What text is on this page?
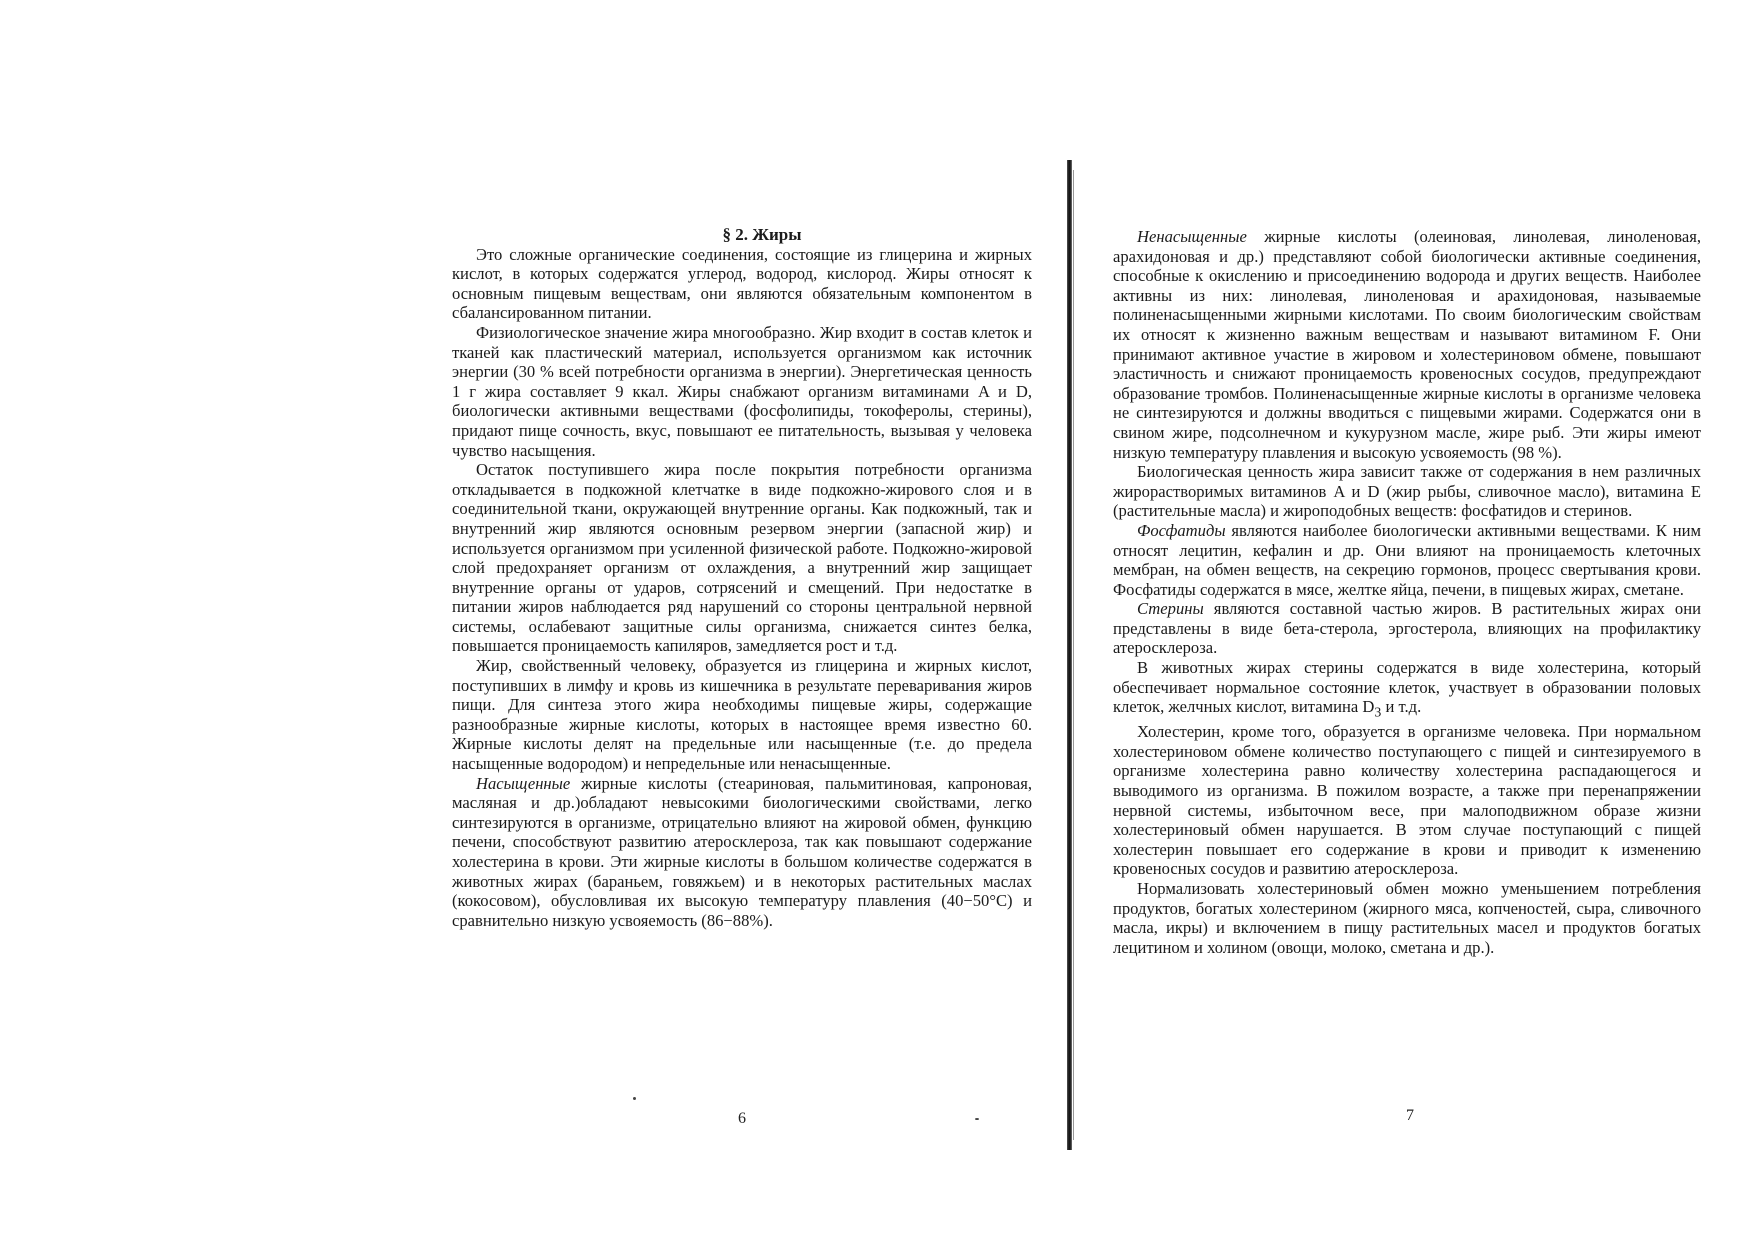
§ 2. Жиры

Это сложные органические соединения, состоящие из глицерина и жирных кислот, в которых содержатся углерод, водород, кислород. Жиры относят к основным пищевым веществам, они являются обязательным компонентом в сбалансированном питании.

Физиологическое значение жира многообразно. Жир входит в состав клеток и тканей как пластический материал, используется организмом как источник энергии (30 % всей потребности организма в энергии). Энергетическая ценность 1 г жира составляет 9 ккал. Жиры снабжают организм витаминами A и D, биологически активными веществами (фосфолипиды, токоферолы, стерины), придают пище сочность, вкус, повышают ее питательность, вызывая у человека чувство насыщения.

Остаток поступившего жира после покрытия потребности организма откладывается в подкожной клетчатке в виде подкожно-жирового слоя и в соединительной ткани, окружающей внутренние органы. Как подкожный, так и внутренний жир являются основным резервом энергии (запасной жир) и используется организмом при усиленной физической работе. Подкожно-жировой слой предохраняет организм от охлаждения, а внутренний жир защищает внутренние органы от ударов, сотрясений и смещений. При недостатке в питании жиров наблюдается ряд нарушений со стороны центральной нервной системы, ослабевают защитные силы организма, снижается синтез белка, повышается проницаемость капиляров, замедляется рост и т.д.

Жир, свойственный человеку, образуется из глицерина и жирных кислот, поступивших в лимфу и кровь из кишечника в результате переваривания жиров пищи. Для синтеза этого жира необходимы пищевые жиры, содержащие разнообразные жирные кислоты, которых в настоящее время известно 60. Жирные кислоты делят на предельные или насыщенные (т.е. до предела насыщенные водородом) и непредельные или ненасыщенные.

Насыщенные жирные кислоты (стеариновая, пальмитиновая, капроновая, масляная и др.)обладают невысокими биологическими свойствами, легко синтезируются в организме, отрицательно влияют на жировой обмен, функцию печени, способствуют развитию атеросклероза, так как повышают содержание холестерина в крови. Эти жирные кислоты в большом количестве содержатся в животных жирах (бараньем, говяжьем) и в некоторых растительных маслах (кокосовом), обусловливая их высокую температуру плавления (40−50°С) и сравнительно низкую усвояемость (86−88%).

6

Ненасыщенные жирные кислоты (олеиновая, линолевая, линоленовая, арахидоновая и др.) представляют собой биологически активные соединения, способные к окислению и присоединению водорода и других веществ. Наиболее активны из них: линолевая, линоленовая и арахидоновая, называемые полиненасыщенными жирными кислотами. По своим биологическим свойствам их относят к жизненно важным веществам и называют витамином F. Они принимают активное участие в жировом и холестериновом обмене, повышают эластичность и снижают проницаемость кровеносных сосудов, предупреждают образование тромбов. Полиненасыщенные жирные кислоты в организме человека не синтезируются и должны вводиться с пищевыми жирами. Содержатся они в свином жире, подсолнечном и кукурузном масле, жире рыб. Эти жиры имеют низкую температуру плавления и высокую усвояемость (98 %).

Биологическая ценность жира зависит также от содержания в нем различных жирорастворимых витаминов A и D (жир рыбы, сливочное масло), витамина E (растительные масла) и жироподобных веществ: фосфатидов и стеринов.

Фосфатиды являются наиболее биологически активными веществами. К ним относят лецитин, кефалин и др. Они влияют на проницаемость клеточных мембран, на обмен веществ, на секрецию гормонов, процесс свертывания крови. Фосфатиды содержатся в мясе, желтке яйца, печени, в пищевых жирах, сметане.

Стерины являются составной частью жиров. В растительных жирах они представлены в виде бета-стерола, эргостерола, влияющих на профилактику атеросклероза.

В животных жирах стерины содержатся в виде холестерина, который обеспечивает нормальное состояние клеток, участвует в образовании половых клеток, желчных кислот, витамина $D_3$ и т.д.

Холестерин, кроме того, образуется в организме человека. При нормальном холестериновом обмене количество поступающего с пищей и синтезируемого в организме холестерина равно количеству холестерина распадающегося и выводимого из организма. В пожилом возрасте, а также при перенапряжении нервной системы, избыточном весе, при малоподвижном образе жизни холестериновый обмен нарушается. В этом случае поступающий с пищей холестерин повышает его содержание в крови и приводит к изменению кровеносных сосудов и развитию атеросклероза.

Нормализовать холестериновый обмен можно уменьшением потребления продуктов, богатых холестерином (жирного мяса, копченостей, сыра, сливочного масла, икры) и включением в пищу растительных масел и продуктов богатых лецитином и холином (овощи, молоко, сметана и др.).

7
